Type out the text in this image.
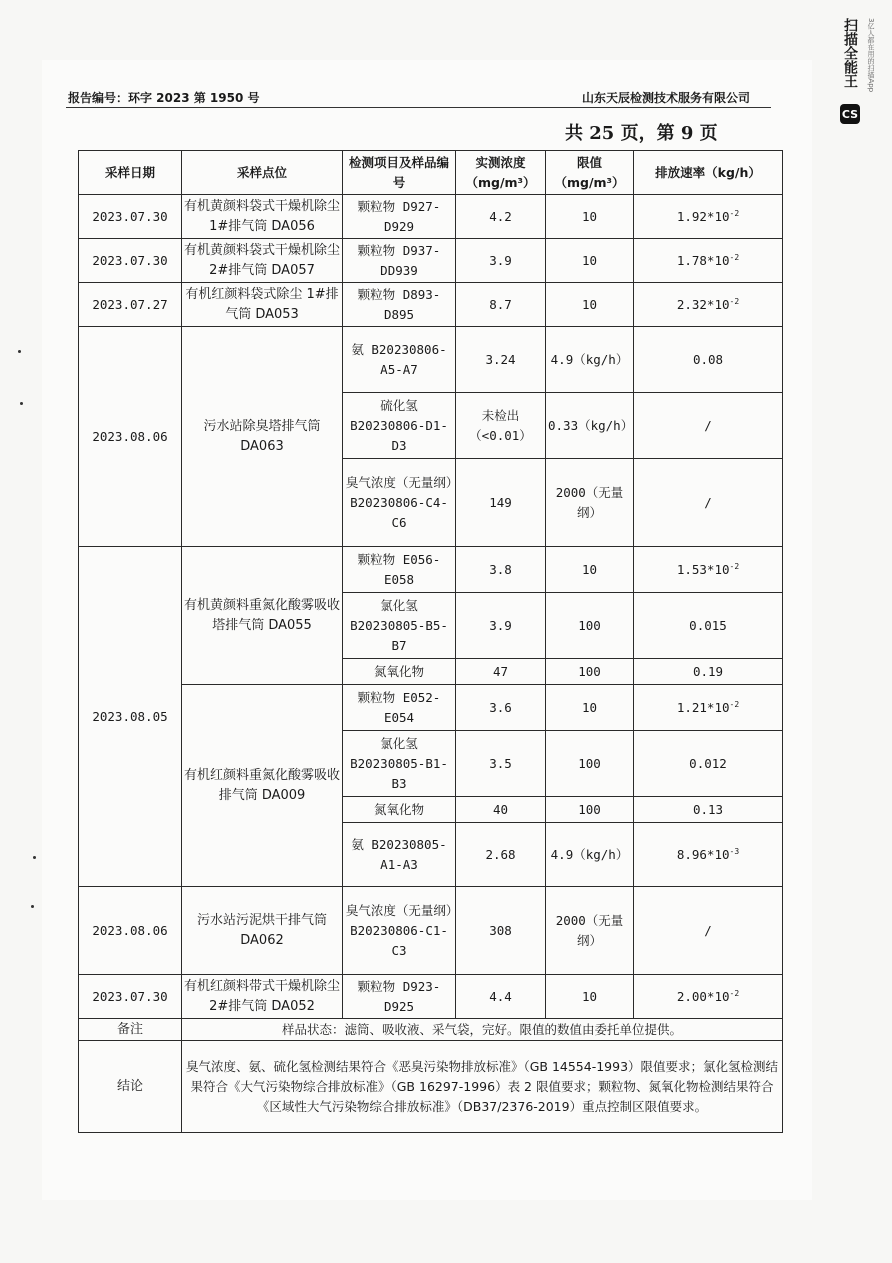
报告编号：环字 2023 第 1950 号	山东天辰检测技术服务有限公司
共 25 页，第 9 页
扫描全能王 3亿人都在用的扫描App
CS
采样日期	采样点位	检测项目及样品编号	实测浓度（mg/m³）	限值（mg/m³）	排放速率（kg/h）
2023.07.30	有机黄颜料袋式干燥机除尘 1#排气筒 DA056	颗粒物 D927-D929	4.2	10	$1.92*10^{-2}$
2023.07.30	有机黄颜料袋式干燥机除尘 2#排气筒 DA057	颗粒物 D937-DD939	3.9	10	$1.78*10^{-2}$
2023.07.27	有机红颜料袋式除尘 1#排气筒 DA053	颗粒物 D893-D895	8.7	10	$2.32*10^{-2}$
2023.08.06	污水站除臭塔排气筒 DA063	氨 B20230806-A5-A7	3.24	4.9（kg/h）	0.08
		硫化氢 B20230806-D1-D3	未检出（<0.01）	0.33（kg/h）	/
		臭气浓度（无量纲）B20230806-C4-C6	149	2000（无量纲）	/
2023.08.05	有机黄颜料重氮化酸雾吸收塔排气筒 DA055	颗粒物 E056-E058	3.8	10	$1.53*10^{-2}$
		氯化氢 B20230805-B5-B7	3.9	100	0.015
		氮氧化物	47	100	0.19
	有机红颜料重氮化酸雾吸收排气筒 DA009	颗粒物 E052-E054	3.6	10	$1.21*10^{-2}$
		氯化氢 B20230805-B1-B3	3.5	100	0.012
		氮氧化物	40	100	0.13
		氨 B20230805-A1-A3	2.68	4.9（kg/h）	$8.96*10^{-3}$
2023.08.06	污水站污泥烘干排气筒 DA062	臭气浓度（无量纲）B20230806-C1-C3	308	2000（无量纲）	/
2023.07.30	有机红颜料带式干燥机除尘 2#排气筒 DA052	颗粒物 D923-D925	4.4	10	$2.00*10^{-2}$
备注	样品状态：滤筒、吸收液、采气袋，完好。限值的数值由委托单位提供。				
结论	臭气浓度、氨、硫化氢检测结果符合《恶臭污染物排放标准》（GB 14554-1993）限值要求；氯化氢检测结果符合《大气污染物综合排放标准》（GB 16297-1996）表 2 限值要求；颗粒物、氮氧化物检测结果符合《区域性大气污染物综合排放标准》（DB37/2376-2019）重点控制区限值要求。				
